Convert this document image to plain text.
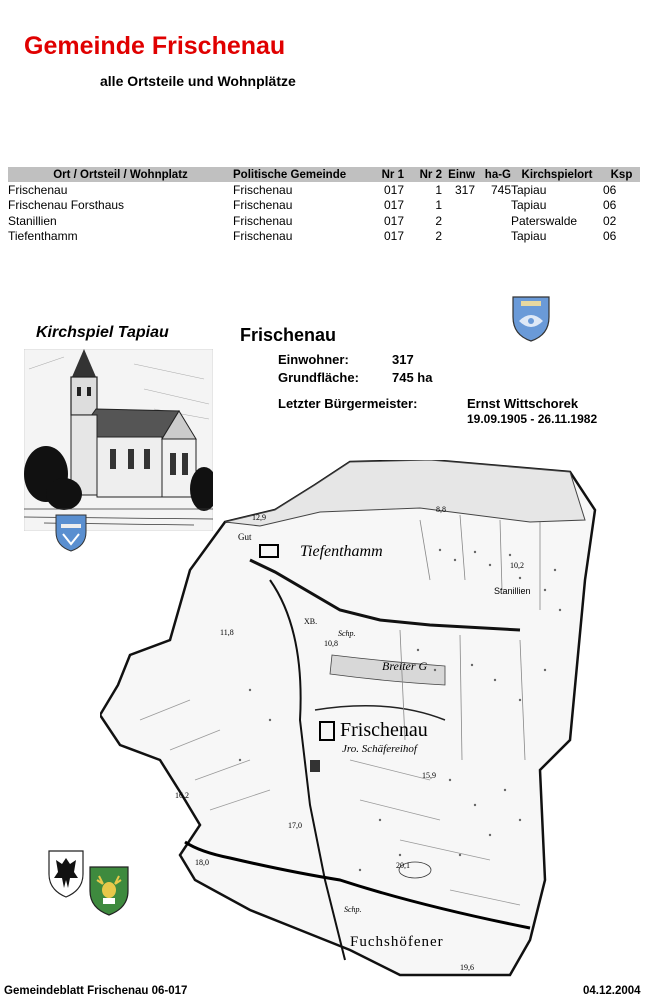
Gemeinde Frischenau
alle Ortsteile und Wohnplätze
Ort / Ortsteil / Wohnplatz	Politische Gemeinde	Nr 1	Nr 2	Einw	ha-G	Kirchspielort	Ksp
Frischenau	Frischenau	017	1	317	745	Tapiau	06
Frischenau Forsthaus	Frischenau	017	1			Tapiau	06
Stanillien	Frischenau	017	2			Paterswalde	02
Tiefenthamm	Frischenau	017	2			Tapiau	06
Kirchspiel Tapiau	Frischenau
Einwohner:	317
Grundfläche:	745 ha
Letzter Bürgermeister:	Ernst Wittschorek
19.09.1905 - 26.11.1982
Tiefenthamm
Frischenau
Jro. Schäfereihof
Breiter G
Fuchshöfener
Stanillien
Gut
Schp.
Schp.
12,9
10,8
11,8
10,2
16,2
17,0
18,0	20,1
15,9
19,6
8,8
XB.
Gemeindeblatt Frischenau 06-017	04.12.2004
